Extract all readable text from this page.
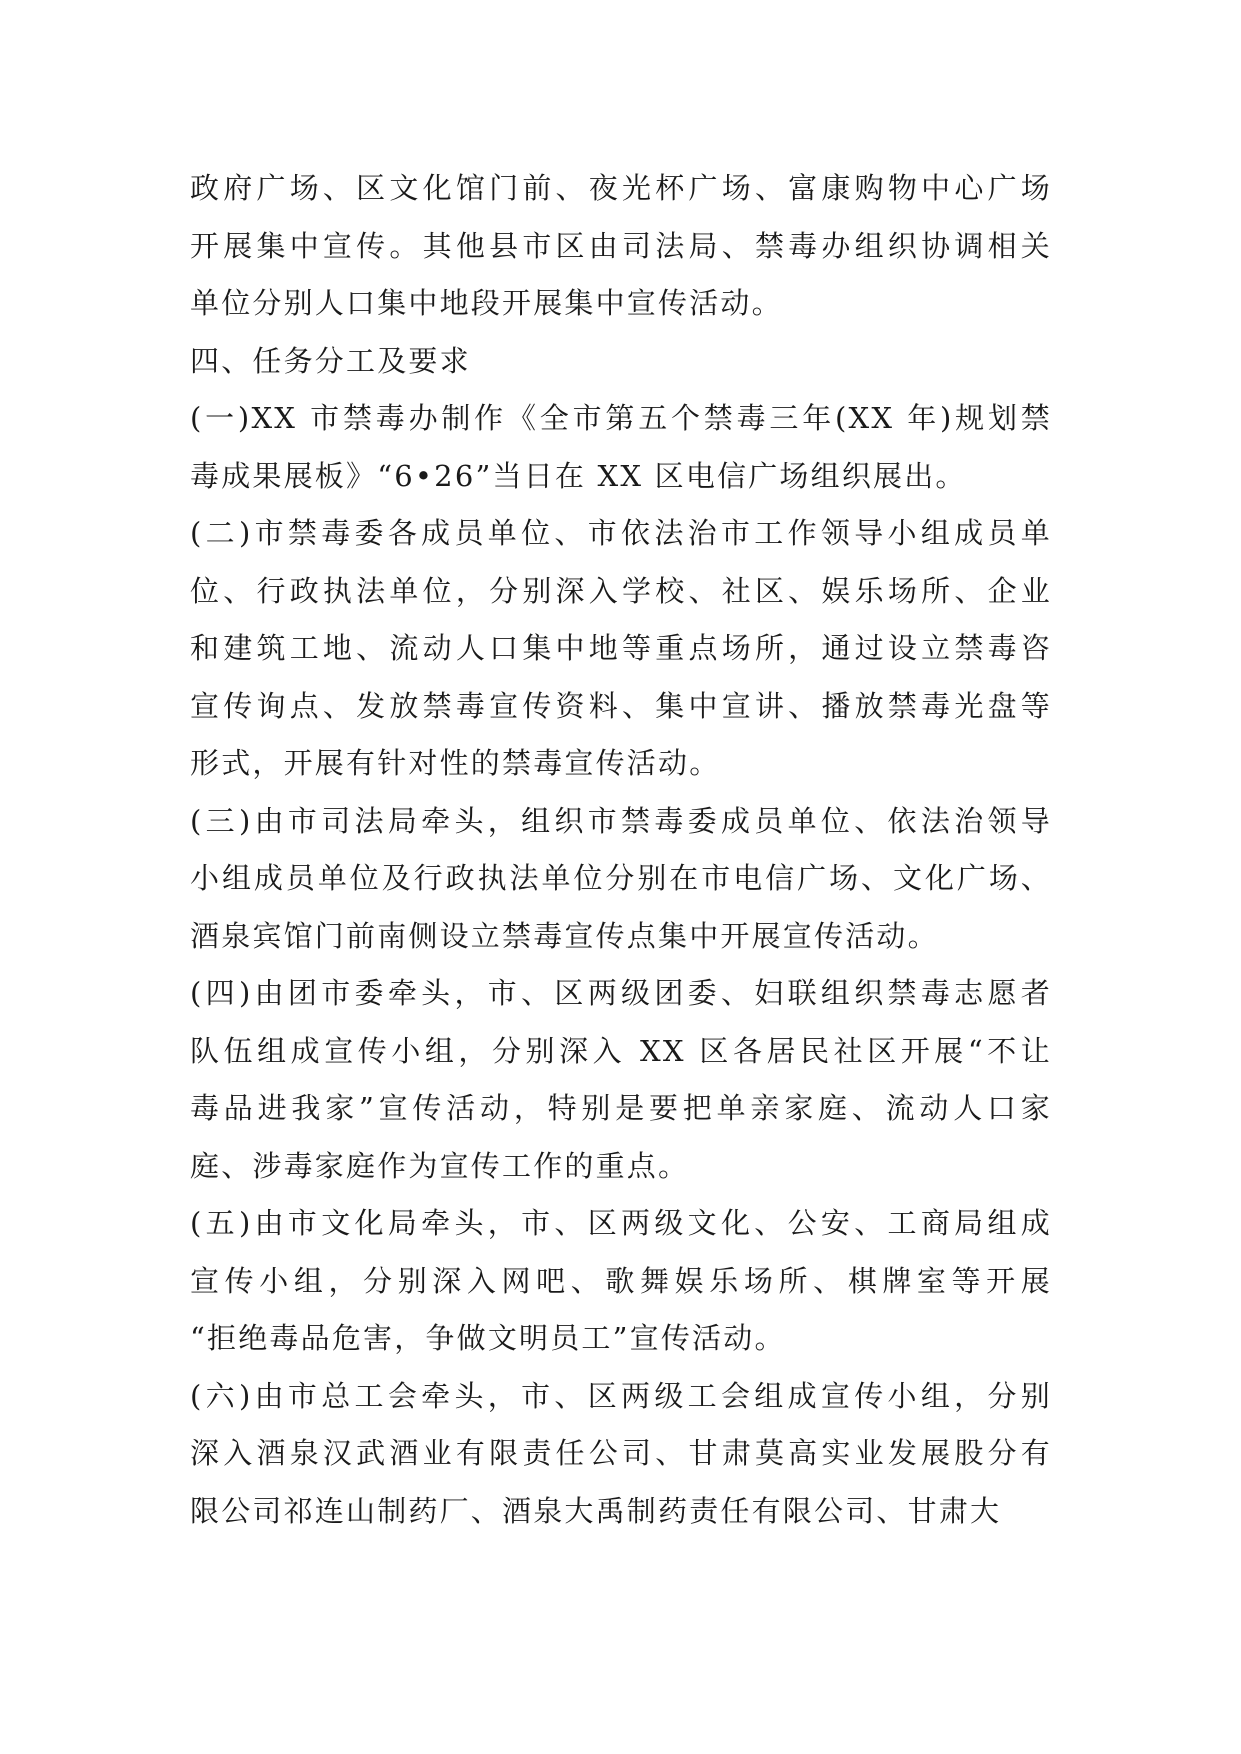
政府广场、区文化馆门前、夜光杯广场、富康购物中心广场
开展集中宣传。其他县市区由司法局、禁毒办组织协调相关
单位分别人口集中地段开展集中宣传活动。
四、任务分工及要求
(一)XX 市禁毒办制作《全市第五个禁毒三年(XX 年)规划禁
毒成果展板》“6•26”当日在 XX 区电信广场组织展出。
(二)市禁毒委各成员单位、市依法治市工作领导小组成员单
位、行政执法单位，分别深入学校、社区、娱乐场所、企业
和建筑工地、流动人口集中地等重点场所，通过设立禁毒咨
宣传询点、发放禁毒宣传资料、集中宣讲、播放禁毒光盘等
形式，开展有针对性的禁毒宣传活动。
(三)由市司法局牵头，组织市禁毒委成员单位、依法治领导
小组成员单位及行政执法单位分别在市电信广场、文化广场、
酒泉宾馆门前南侧设立禁毒宣传点集中开展宣传活动。
(四)由团市委牵头，市、区两级团委、妇联组织禁毒志愿者
队伍组成宣传小组，分别深入 XX 区各居民社区开展“不让
毒品进我家”宣传活动，特别是要把单亲家庭、流动人口家
庭、涉毒家庭作为宣传工作的重点。
(五)由市文化局牵头，市、区两级文化、公安、工商局组成
宣传小组，分别深入网吧、歌舞娱乐场所、棋牌室等开展
“拒绝毒品危害，争做文明员工”宣传活动。
(六)由市总工会牵头，市、区两级工会组成宣传小组，分别
深入酒泉汉武酒业有限责任公司、甘肃莫高实业发展股分有
限公司祁连山制药厂、酒泉大禹制药责任有限公司、甘肃大
